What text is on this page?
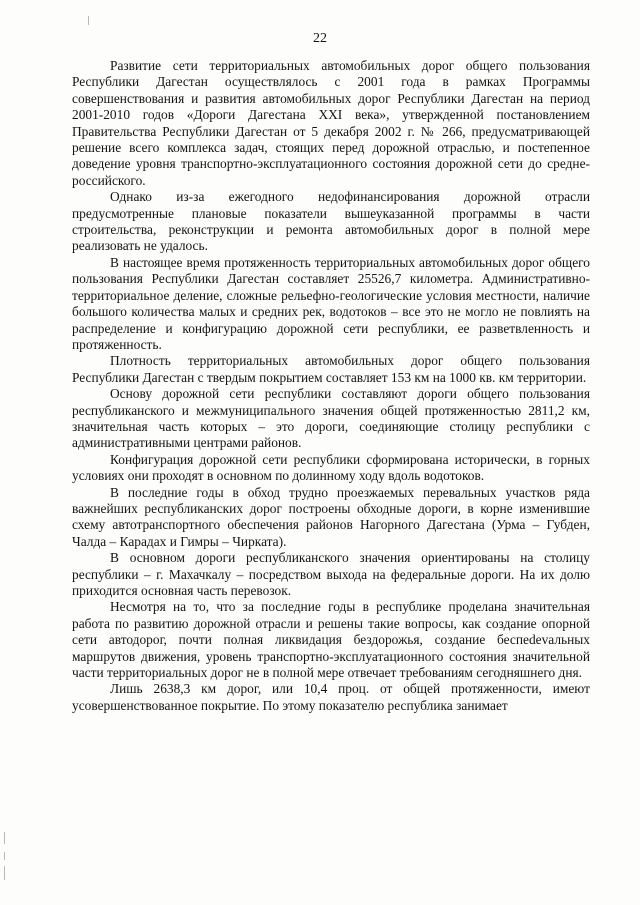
22

Развитие сети территориальных автомобильных дорог общего пользования Республики Дагестан осуществлялось с 2001 года в рамках Программы совершенствования и развития автомобильных дорог Республики Дагестан на период 2001-2010 годов «Дороги Дагестана XXI века», утвержденной постановлением Правительства Республики Дагестан от 5 декабря 2002 г. № 266, предусматривающей решение всего комплекса задач, стоящих перед дорожной отраслью, и постепенное доведение уровня транспортно-эксплуатационного состояния дорожной сети до средне-российского.

Однако из-за ежегодного недофинансирования дорожной отрасли предусмотренные плановые показатели вышеуказанной программы в части строительства, реконструкции и ремонта автомобильных дорог в полной мере реализовать не удалось.

В настоящее время протяженность территориальных автомобильных дорог общего пользования Республики Дагестан составляет 25526,7 километра. Административно-территориальное деление, сложные рельефно-геологические условия местности, наличие большого количества малых и средних рек, водотоков – все это не могло не повлиять на распределение и конфигурацию дорожной сети республики, ее разветвленность и протяженность.

Плотность территориальных автомобильных дорог общего пользования Республики Дагестан с твердым покрытием составляет 153 км на 1000 кв. км территории.

Основу дорожной сети республики составляют дороги общего пользования республиканского и межмуниципального значения общей протяженностью 2811,2 км, значительная часть которых – это дороги, соединяющие столицу республики с административными центрами районов.

Конфигурация дорожной сети республики сформирована исторически, в горных условиях они проходят в основном по долинному ходу вдоль водотоков.

В последние годы в обход трудно проезжаемых перевальных участков ряда важнейших республиканских дорог построены обходные дороги, в корне изменившие схему автотранспортного обеспечения районов Нагорного Дагестана (Урма – Губден, Чалда – Карадах и Гимры – Чирката).

В основном дороги республиканского значения ориентированы на столицу республики – г. Махачкалу – посредством выхода на федеральные дороги. На их долю приходится основная часть перевозок.

Несмотря на то, что за последние годы в республике проделана значительная работа по развитию дорожной отрасли и решены такие вопросы, как создание опорной сети автодорог, почти полная ликвидация бездорожья, создание беспеdevальных маршрутов движения, уровень транспортно-эксплуатационного состояния значительной части территориальных дорог не в полной мере отвечает требованиям сегодняшнего дня.

Лишь 2638,3 км дорог, или 10,4 проц. от общей протяженности, имеют усовершенствованное покрытие. По этому показателю республика занимает
